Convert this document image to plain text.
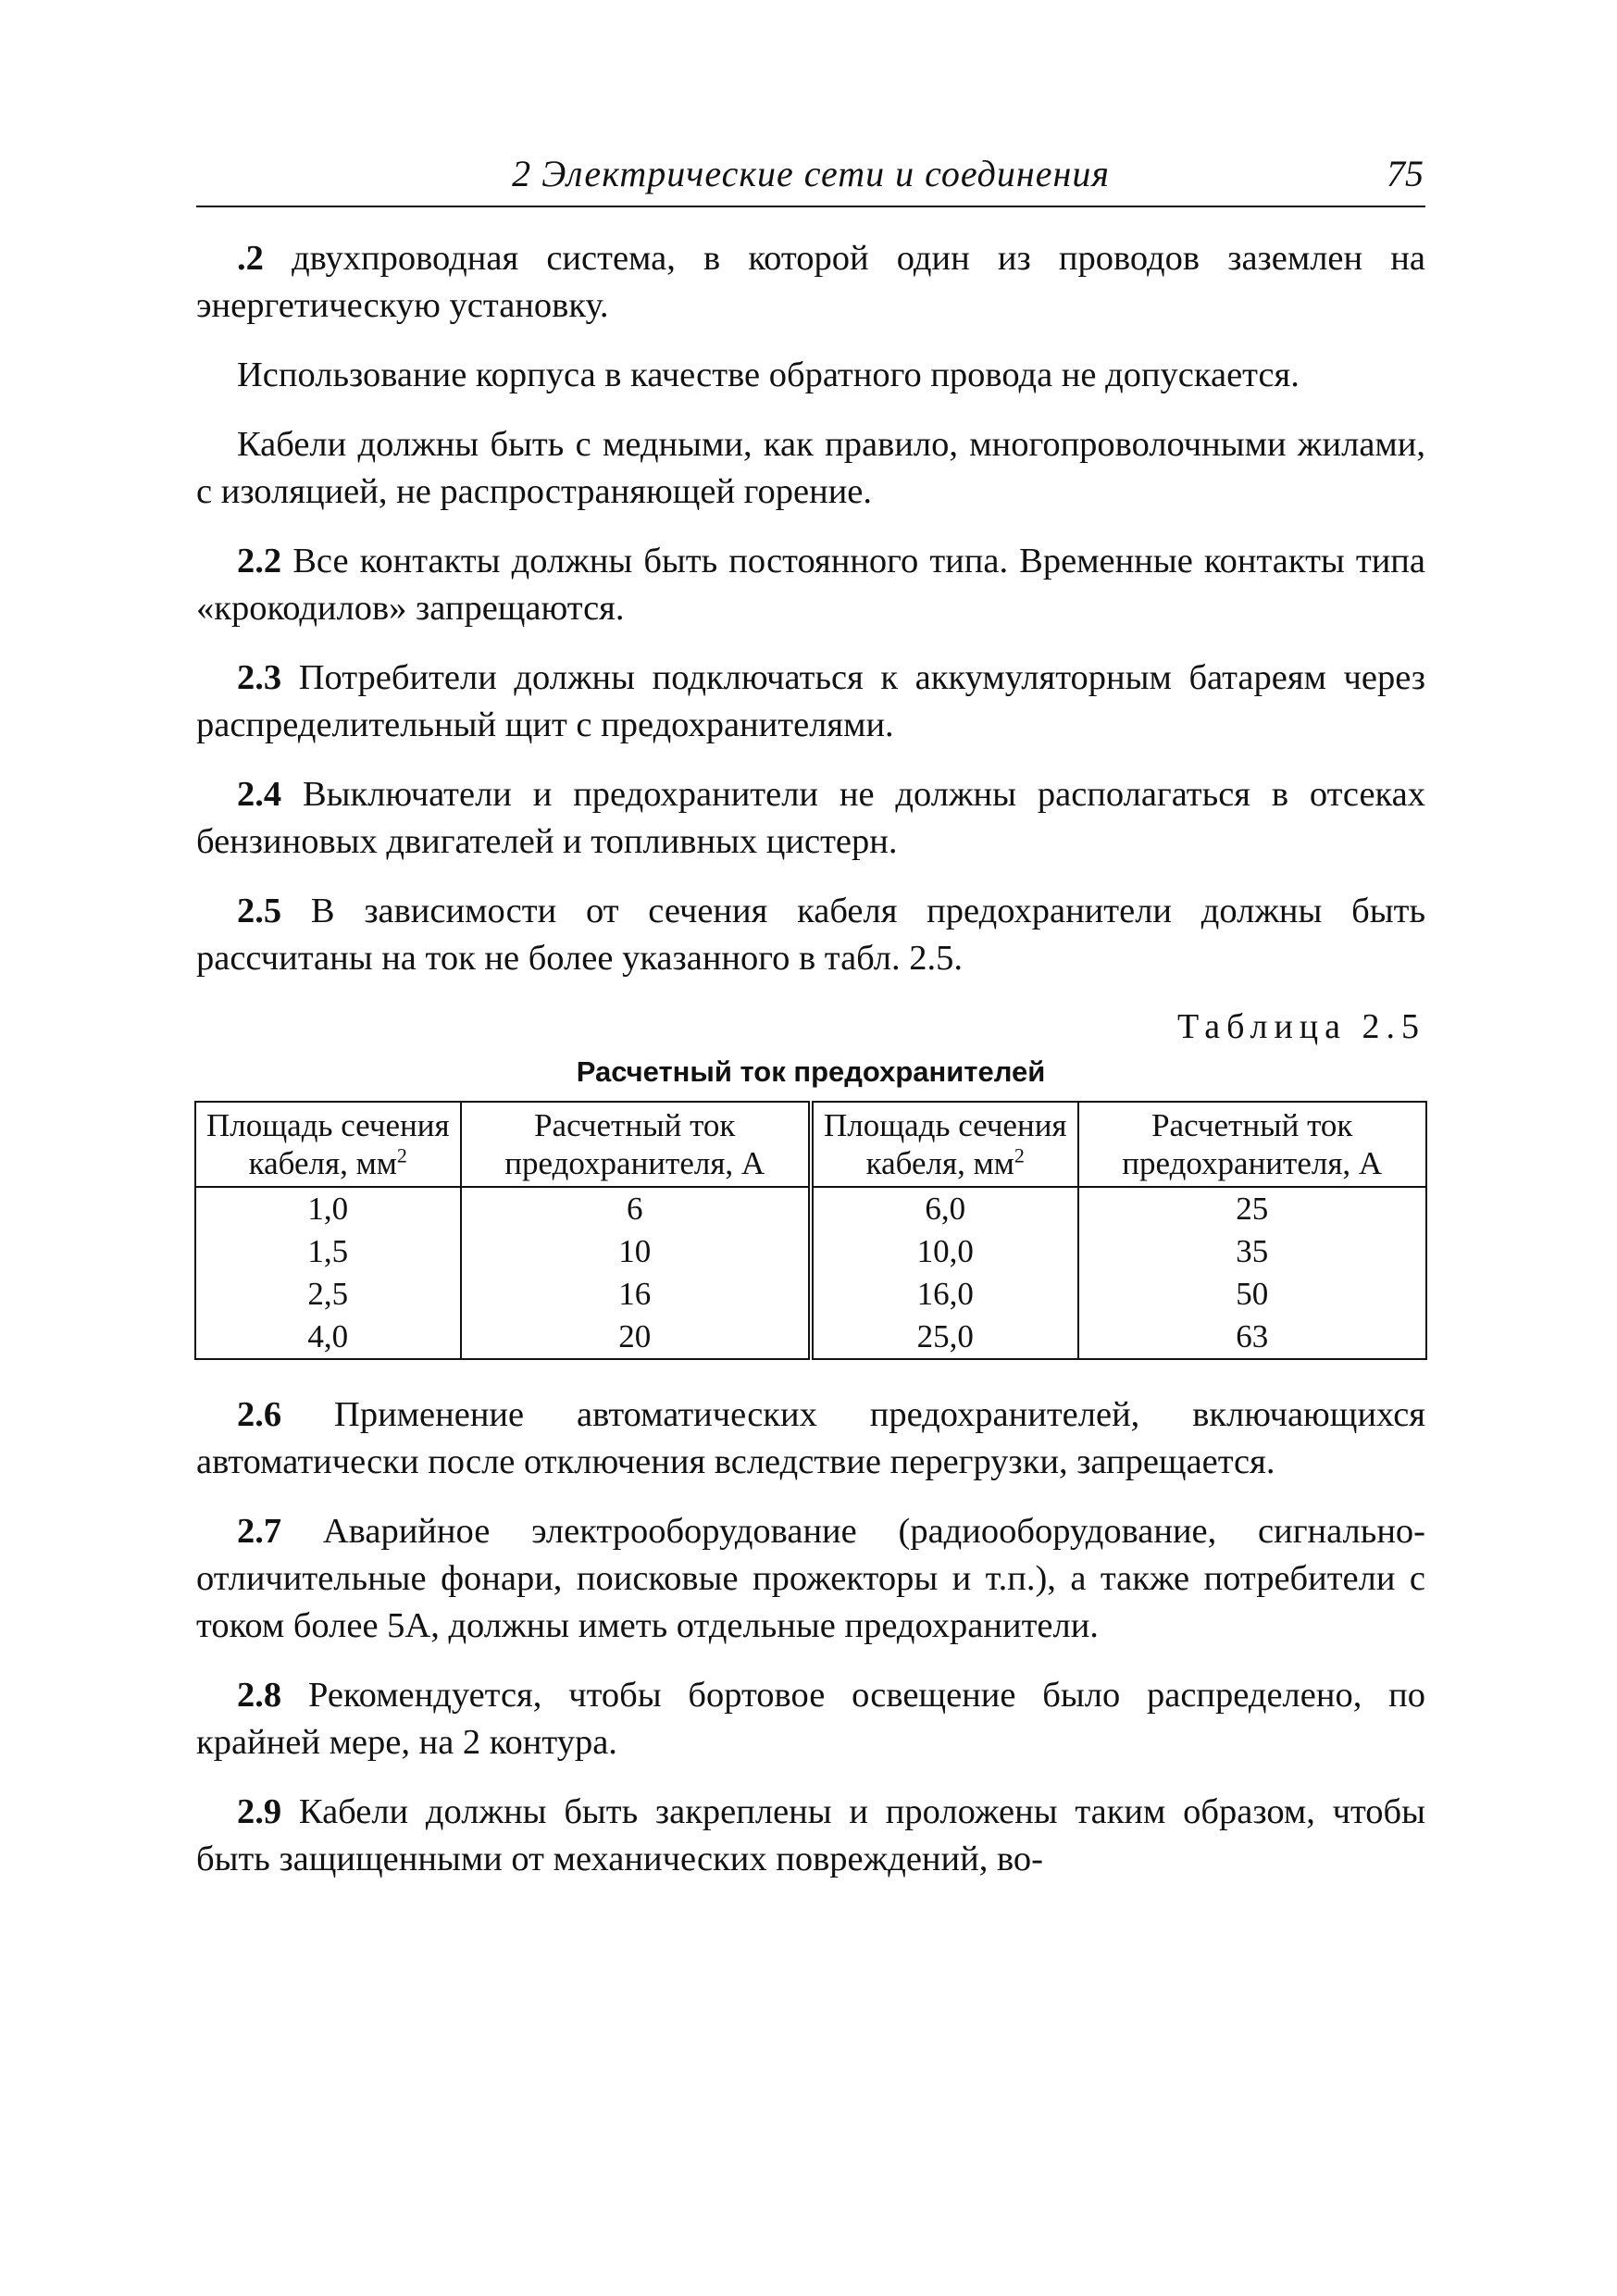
2 Электрические сети и соединения	75

.2 двухпроводная система, в которой один из проводов заземлен на энергетическую установку.

Использование корпуса в качестве обратного провода не допускается.

Кабели должны быть с медными, как правило, многопроволочными жилами, с изоляцией, не распространяющей горение.

2.2 Все контакты должны быть постоянного типа. Временные контакты типа «крокодилов» запрещаются.

2.3 Потребители должны подключаться к аккумуляторным батареям через распределительный щит с предохранителями.

2.4 Выключатели и предохранители не должны располагаться в отсеках бензиновых двигателей и топливных цистерн.

2.5 В зависимости от сечения кабеля предохранители должны быть рассчитаны на ток не более указанного в табл. 2.5.

Таблица 2.5
Расчетный ток предохранителей
Площадь сечения кабеля, $мм^2$	Расчетный ток предохранителя, А	Площадь сечения кабеля, $мм^2$	Расчетный ток предохранителя, А
1,0	6	6,0	25
1,5	10	10,0	35
2,5	16	16,0	50
4,0	20	25,0	63

2.6 Применение автоматических предохранителей, включающихся автоматически после отключения вследствие перегрузки, запрещается.

2.7 Аварийное электрооборудование (радиооборудование, сигнально-отличительные фонари, поисковые прожекторы и т.п.), а также потребители с током более 5А, должны иметь отдельные предохранители.

2.8 Рекомендуется, чтобы бортовое освещение было распределено, по крайней мере, на 2 контура.

2.9 Кабели должны быть закреплены и проложены таким образом, чтобы быть защищенными от механических повреждений, во-
